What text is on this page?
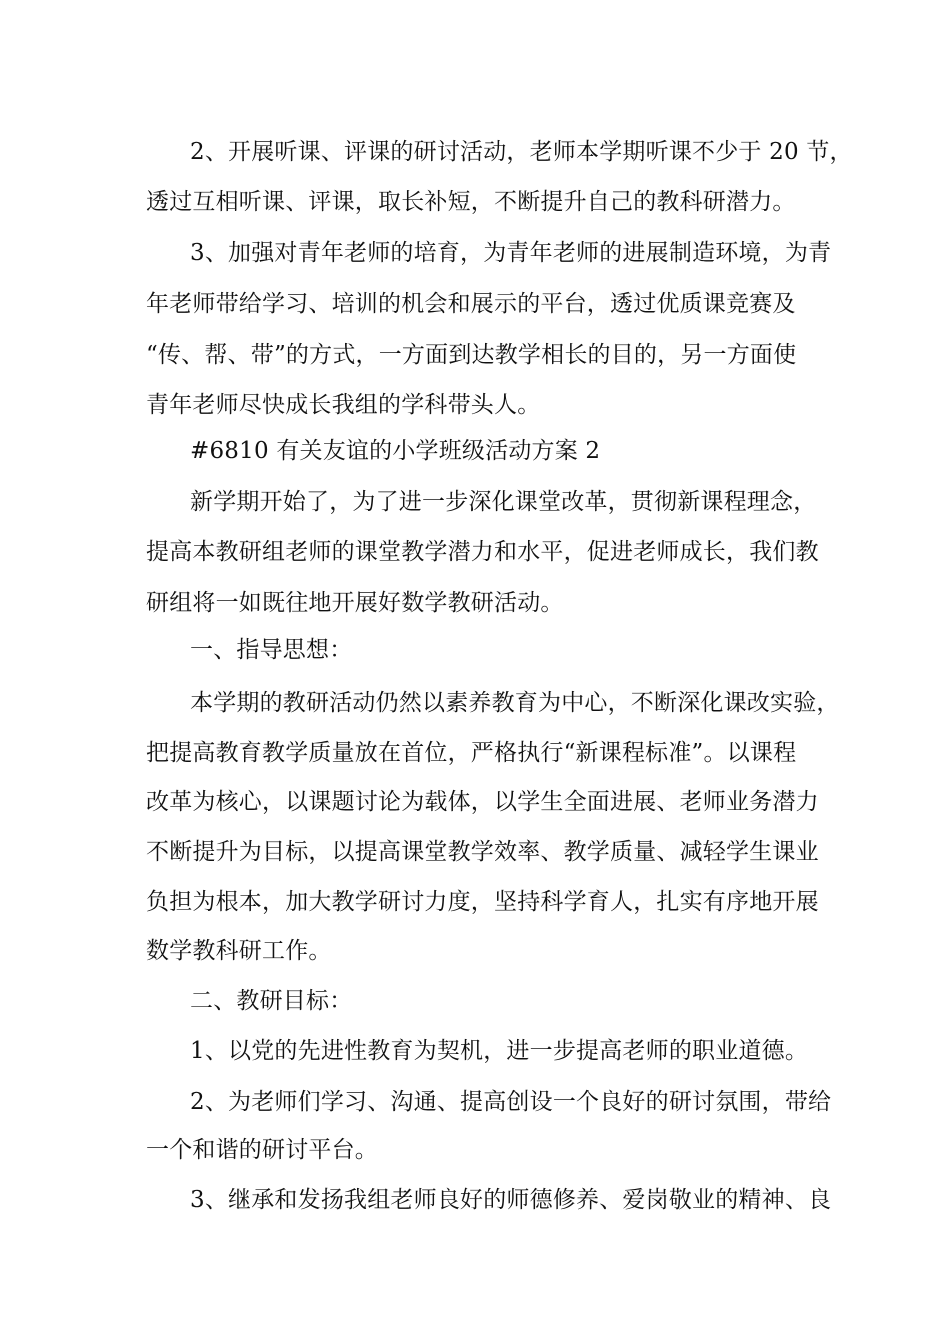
2、开展听课、评课的研讨活动，老师本学期听课不少于 20 节，
透过互相听课、评课，取长补短，不断提升自己的教科研潜力。
3、加强对青年老师的培育，为青年老师的进展制造环境，为青
年老师带给学习、培训的机会和展示的平台，透过优质课竞赛及
“传、帮、带”的方式，一方面到达教学相长的目的，另一方面使
青年老师尽快成长我组的学科带头人。
#6810 有关友谊的小学班级活动方案 2
新学期开始了，为了进一步深化课堂改革，贯彻新课程理念，
提高本教研组老师的课堂教学潜力和水平，促进老师成长，我们教
研组将一如既往地开展好数学教研活动。
一、指导思想：
本学期的教研活动仍然以素养教育为中心，不断深化课改实验，
把提高教育教学质量放在首位，严格执行“新课程标准”。以课程
改革为核心，以课题讨论为载体，以学生全面进展、老师业务潜力
不断提升为目标，以提高课堂教学效率、教学质量、减轻学生课业
负担为根本，加大教学研讨力度，坚持科学育人，扎实有序地开展
数学教科研工作。
二、教研目标：
1、以党的先进性教育为契机，进一步提高老师的职业道德。
2、为老师们学习、沟通、提高创设一个良好的研讨氛围，带给
一个和谐的研讨平台。
3、继承和发扬我组老师良好的师德修养、爱岗敬业的精神、良
